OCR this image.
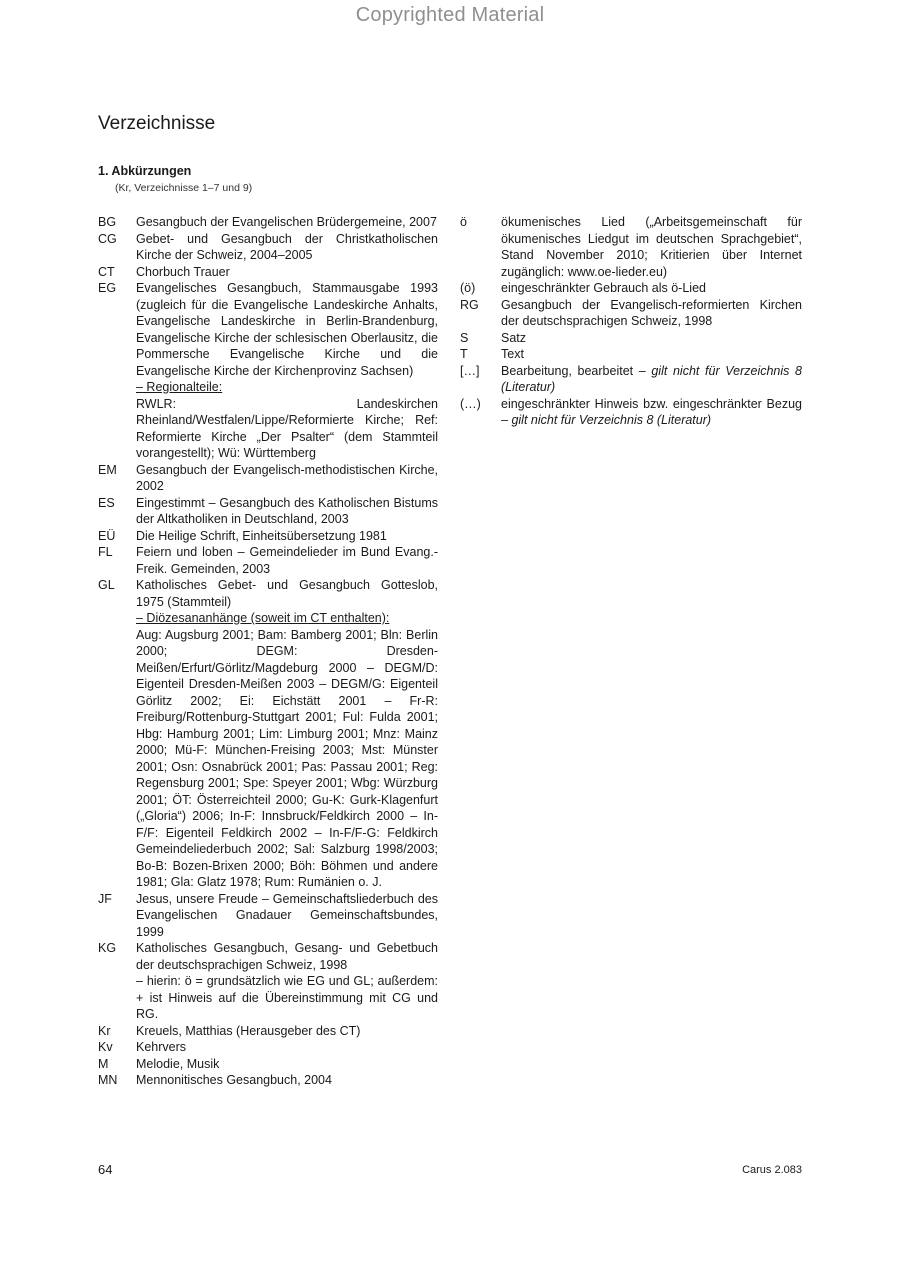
Copyrighted Material
Verzeichnisse
1. Abkürzungen
(Kr, Verzeichnisse 1–7 und 9)
BG	Gesangbuch der Evangelischen Brüdergemeine, 2007
CG	Gebet- und Gesangbuch der Christkatholischen Kirche der Schweiz, 2004–2005
CT	Chorbuch Trauer
EG	Evangelisches Gesangbuch, Stammausgabe 1993 (zugleich für die Evangelische Landeskirche Anhalts, Evangelische Landeskirche in Berlin-Brandenburg, Evangelische Kirche der schlesischen Oberlausitz, die Pommersche Evangelische Kirche und die Evangelische Kirche der Kirchenprovinz Sachsen)
– Regionalteile:
RWLR: Landeskirchen Rheinland/Westfalen/Lippe/Reformierte Kirche; Ref: Reformierte Kirche „Der Psalter“ (dem Stammteil vorangestellt); Wü: Württemberg
EM	Gesangbuch der Evangelisch-methodistischen Kirche, 2002
ES	Eingestimmt – Gesangbuch des Katholischen Bistums der Altkatholiken in Deutschland, 2003
EÜ	Die Heilige Schrift, Einheitsübersetzung 1981
FL	Feiern und loben – Gemeindelieder im Bund Evang.-Freik. Gemeinden, 2003
GL	Katholisches Gebet- und Gesangbuch Gotteslob, 1975 (Stammteil)
– Diözesananhänge (soweit im CT enthalten):
Aug: Augsburg 2001; Bam: Bamberg 2001; Bln: Berlin 2000; DEGM: Dresden-Meißen/Erfurt/Görlitz/Magdeburg 2000 – DEGM/D: Eigenteil Dresden-Meißen 2003 – DEGM/G: Eigenteil Görlitz 2002; Ei: Eichstätt 2001 – Fr-R: Freiburg/Rottenburg-Stuttgart 2001; Ful: Fulda 2001; Hbg: Hamburg 2001; Lim: Limburg 2001; Mnz: Mainz 2000; Mü-F: München-Freising 2003; Mst: Münster 2001; Osn: Osnabrück 2001; Pas: Passau 2001; Reg: Regensburg 2001; Spe: Speyer 2001; Wbg: Würzburg 2001; ÖT: Österreichteil 2000; Gu-K: Gurk-Klagenfurt („Gloria“) 2006; In-F: Innsbruck/Feldkirch 2000 – In-F/F: Eigenteil Feldkirch 2002 – In-F/F-G: Feldkirch Gemeindeliederbuch 2002; Sal: Salzburg 1998/2003; Bo-B: Bozen-Brixen 2000; Böh: Böhmen und andere 1981; Gla: Glatz 1978; Rum: Rumänien o. J.
JF	Jesus, unsere Freude – Gemeinschaftsliederbuch des Evangelischen Gnadauer Gemeinschaftsbundes, 1999
KG	Katholisches Gesangbuch, Gesang- und Gebetbuch der deutschsprachigen Schweiz, 1998
– hierin: ö = grundsätzlich wie EG und GL; außerdem: + ist Hinweis auf die Übereinstimmung mit CG und RG.
Kr	Kreuels, Matthias (Herausgeber des CT)
Kv	Kehrvers
M	Melodie, Musik
MN	Mennonitisches Gesangbuch, 2004
ö	ökumenisches Lied („Arbeitsgemeinschaft für ökumenisches Liedgut im deutschen Sprachgebiet“, Stand November 2010; Kritierien über Internet zugänglich: www.oe-lieder.eu)
(ö)	eingeschränkter Gebrauch als ö-Lied
RG	Gesangbuch der Evangelisch-reformierten Kirchen der deutschsprachigen Schweiz, 1998
S	Satz
T	Text
[…]	Bearbeitung, bearbeitet – gilt nicht für Verzeichnis 8 (Literatur)
(…)	eingeschränkter Hinweis bzw. eingeschränkter Bezug – gilt nicht für Verzeichnis 8 (Literatur)
64	Carus 2.083
